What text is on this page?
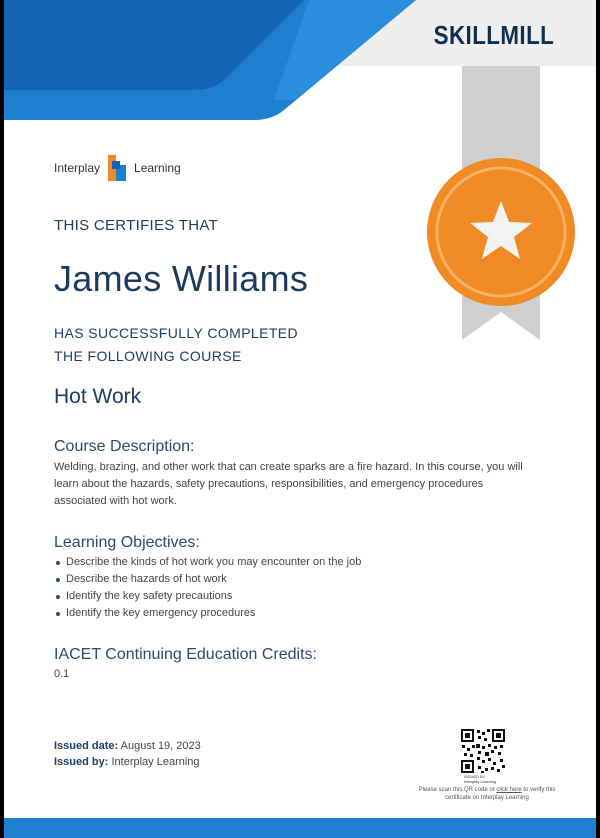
SKILLMILL
Interplay	Learning
THIS CERTIFIES THAT
James Williams
HAS SUCCESSFULLY COMPLETED
THE FOLLOWING COURSE
Hot Work
Course Description:
Welding, brazing, and other work that can create sparks are a fire hazard. In this course, you will learn about the hazards, safety precautions, responsibilities, and emergency procedures associated with hot work.
Learning Objectives:
Describe the kinds of hot work you may encounter on the job
Describe the hazards of hot work
Identify the key safety precautions
Identify the key emergency procedures
IACET Continuing Education Credits:
0.1
Issued date: August 19, 2023
Issued by: Interplay Learning
ISSUED BY
Interplay Learning
Please scan this QR code or click here to verify this certificate on Interplay Learning
